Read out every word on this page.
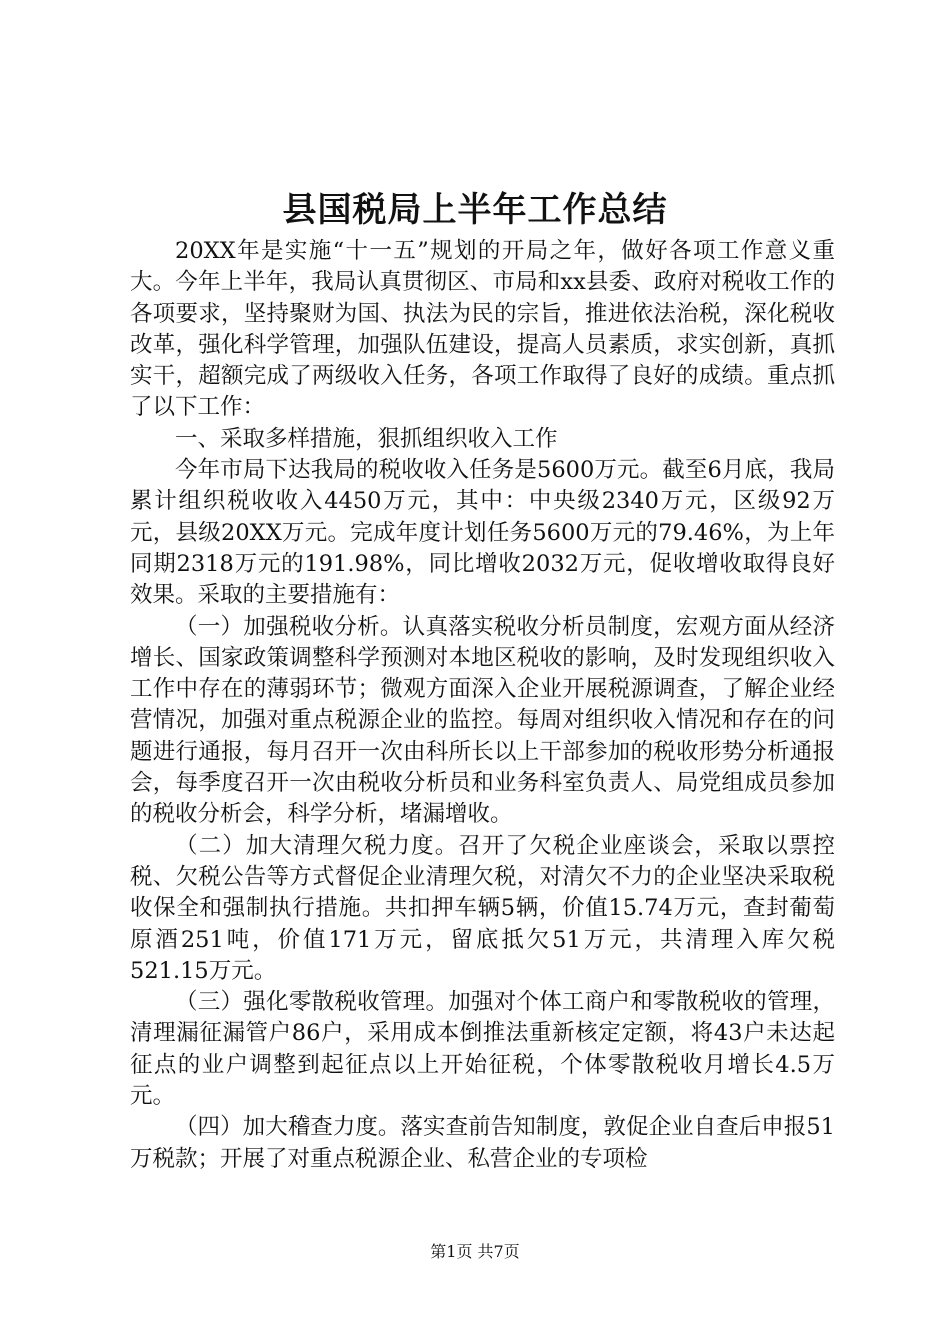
县国税局上半年工作总结

20XX年是实施“十一五”规划的开局之年，做好各项工作意义重大。今年上半年，我局认真贯彻区、市局和xx县委、政府对税收工作的各项要求，坚持聚财为国、执法为民的宗旨，推进依法治税，深化税收改革，强化科学管理，加强队伍建设，提高人员素质，求实创新，真抓实干，超额完成了两级收入任务，各项工作取得了良好的成绩。重点抓了以下工作：

一、采取多样措施，狠抓组织收入工作

今年市局下达我局的税收收入任务是5600万元。截至6月底，我局累计组织税收收入4450万元，其中：中央级2340万元，区级92万元，县级20XX万元。完成年度计划任务5600万元的79.46%，为上年同期2318万元的191.98%，同比增收2032万元，促收增收取得良好效果。采取的主要措施有：

（一）加强税收分析。认真落实税收分析员制度，宏观方面从经济增长、国家政策调整科学预测对本地区税收的影响，及时发现组织收入工作中存在的薄弱环节；微观方面深入企业开展税源调查，了解企业经营情况，加强对重点税源企业的监控。每周对组织收入情况和存在的问题进行通报，每月召开一次由科所长以上干部参加的税收形势分析通报会，每季度召开一次由税收分析员和业务科室负责人、局党组成员参加的税收分析会，科学分析，堵漏增收。

（二）加大清理欠税力度。召开了欠税企业座谈会，采取以票控税、欠税公告等方式督促企业清理欠税，对清欠不力的企业坚决采取税收保全和强制执行措施。共扣押车辆5辆，价值15.74万元，查封葡萄原酒251吨，价值171万元，留底抵欠51万元，共清理入库欠税521.15万元。

（三）强化零散税收管理。加强对个体工商户和零散税收的管理，清理漏征漏管户86户，采用成本倒推法重新核定定额，将43户未达起征点的业户调整到起征点以上开始征税，个体零散税收月增长4.5万元。

（四）加大稽查力度。落实查前告知制度，敦促企业自查后申报51万税款；开展了对重点税源企业、私营企业的专项检

第1页 共7页
